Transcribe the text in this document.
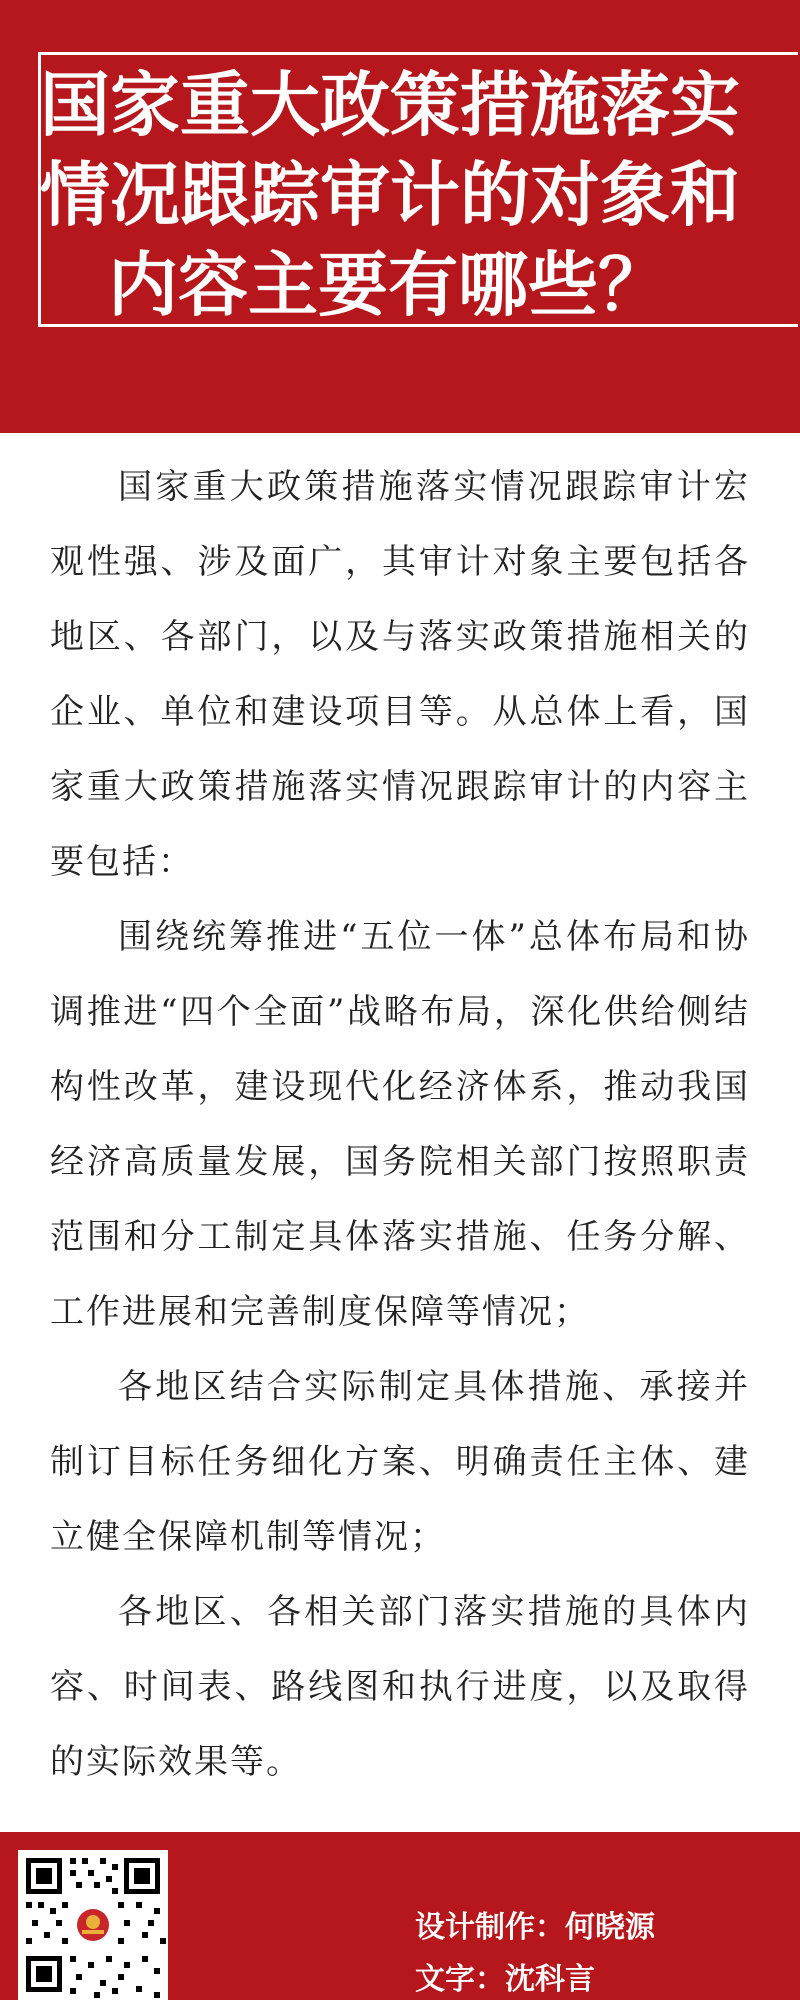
国家重大政策措施落实
情况跟踪审计的对象和
内容主要有哪些？

国家重大政策措施落实情况跟踪审计宏观性强、涉及面广，其审计对象主要包括各地区、各部门，以及与落实政策措施相关的企业、单位和建设项目等。从总体上看，国家重大政策措施落实情况跟踪审计的内容主要包括：

围绕统筹推进“五位一体”总体布局和协调推进“四个全面”战略布局，深化供给侧结构性改革，建设现代化经济体系，推动我国经济高质量发展，国务院相关部门按照职责范围和分工制定具体落实措施、任务分解、工作进展和完善制度保障等情况；

各地区结合实际制定具体措施、承接并制订目标任务细化方案、明确责任主体、建立健全保障机制等情况；

各地区、各相关部门落实措施的具体内容、时间表、路线图和执行进度，以及取得的实际效果等。

设计制作：何晓源
文字：沈科言
